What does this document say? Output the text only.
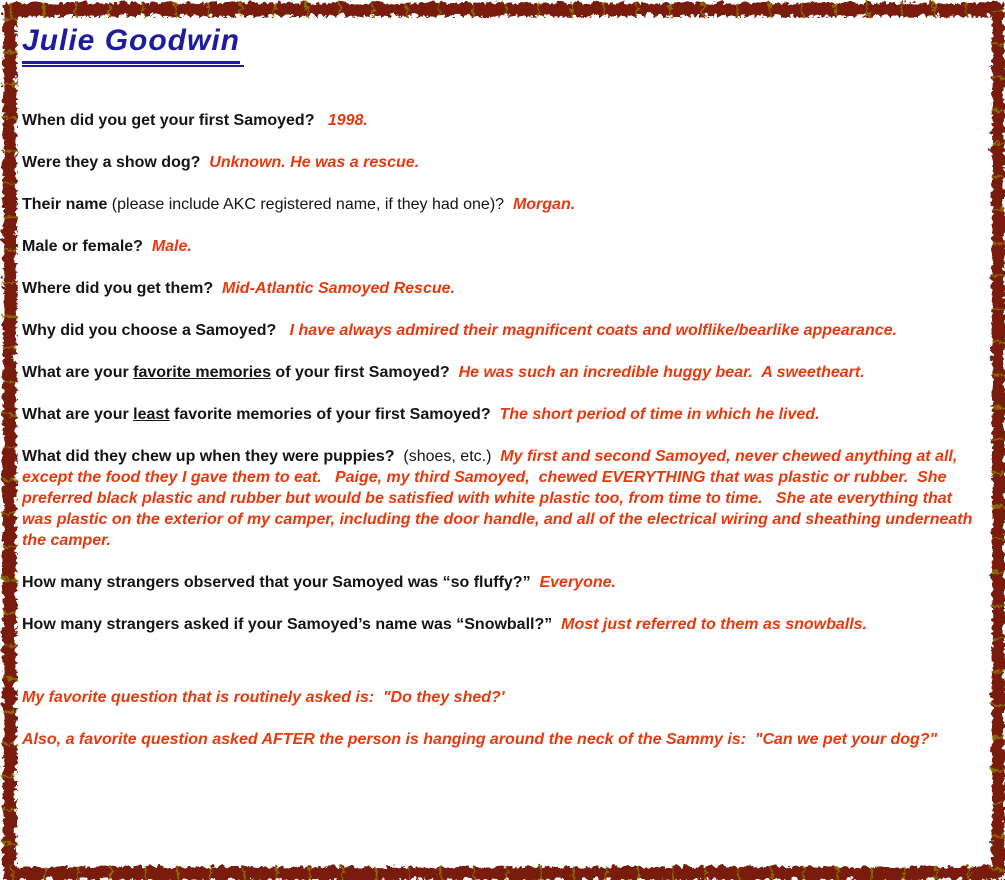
Julie Goodwin

When did you get your first Samoyed?   1998.

Were they a show dog?  Unknown. He was a rescue.

Their name (please include AKC registered name, if they had one)?  Morgan.

Male or female?  Male.

Where did you get them?  Mid-Atlantic Samoyed Rescue.

Why did you choose a Samoyed?   I have always admired their magnificent coats and wolflike/bearlike appearance.

What are your favorite memories of your first Samoyed?  He was such an incredible huggy bear.  A sweetheart.

What are your least favorite memories of your first Samoyed?  The short period of time in which he lived.

What did they chew up when they were puppies?  (shoes, etc.)  My first and second Samoyed, never chewed anything at all, except the food they I gave them to eat.   Paige, my third Samoyed,  chewed EVERYTHING that was plastic or rubber.  She preferred black plastic and rubber but would be satisfied with white plastic too, from time to time.   She ate everything that was plastic on the exterior of my camper, including the door handle, and all of the electrical wiring and sheathing underneath the camper.

How many strangers observed that your Samoyed was “so fluffy?”  Everyone.

How many strangers asked if your Samoyed’s name was “Snowball?”  Most just referred to them as snowballs.

My favorite question that is routinely asked is:  "Do they shed?'

Also, a favorite question asked AFTER the person is hanging around the neck of the Sammy is:  "Can we pet your dog?"
